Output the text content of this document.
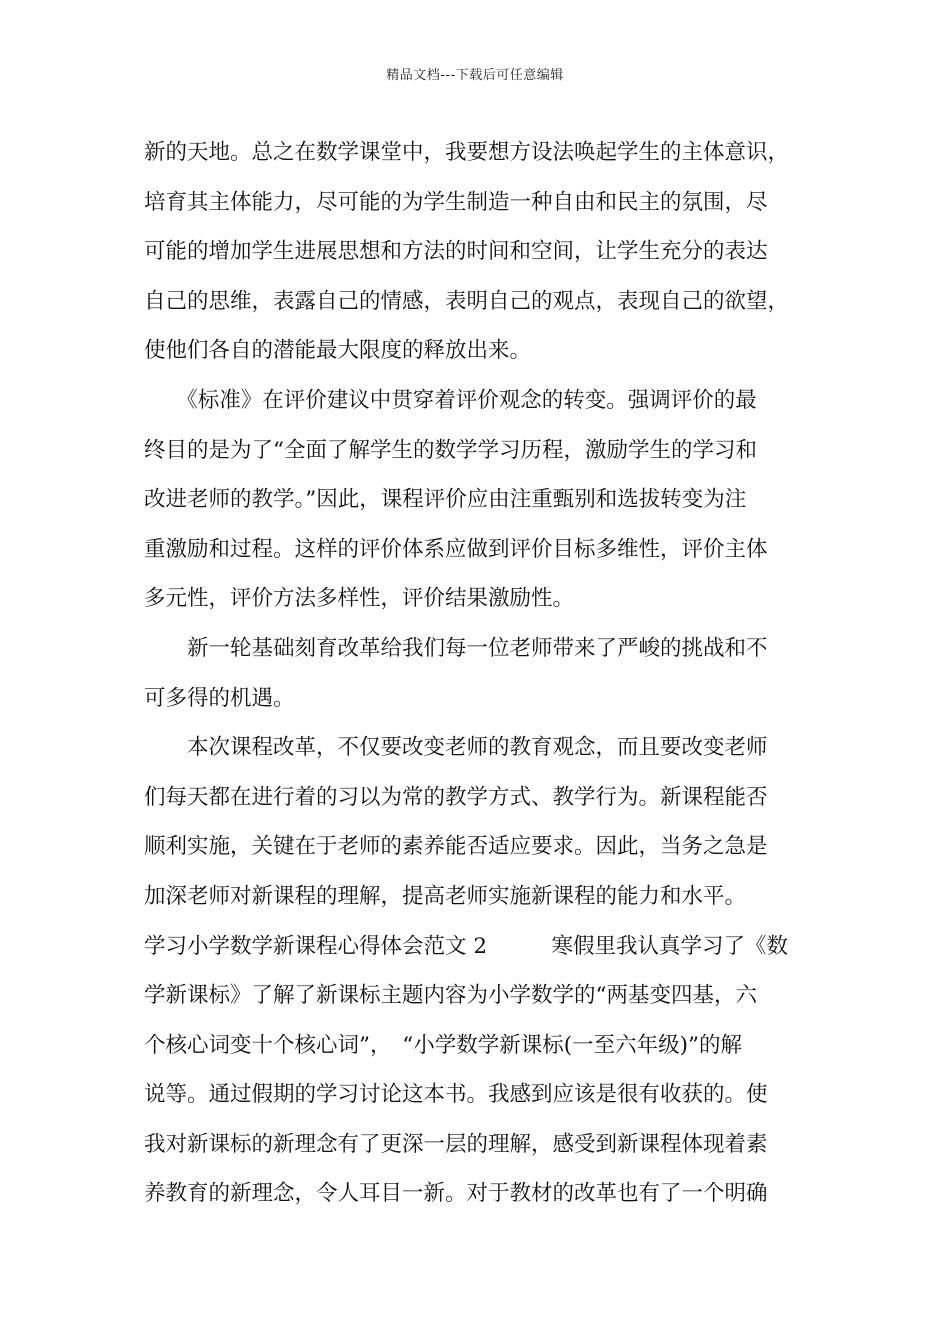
精品文档---下载后可任意编辑
新的天地。总之在数学课堂中，我要想方设法唤起学生的主体意识，
培育其主体能力，尽可能的为学生制造一种自由和民主的氛围，尽
可能的增加学生进展思想和方法的时间和空间，让学生充分的表达
自己的思维，表露自己的情感，表明自己的观点，表现自己的欲望，
使他们各自的潜能最大限度的释放出来。
　　《标准》在评价建议中贯穿着评价观念的转变。强调评价的最
终目的是为了“全面了解学生的数学学习历程，激励学生的学习和
改进老师的教学。”因此，课程评价应由注重甄别和选拔转变为注
重激励和过程。这样的评价体系应做到评价目标多维性，评价主体
多元性，评价方法多样性，评价结果激励性。
　　新一轮基础刻育改革给我们每一位老师带来了严峻的挑战和不
可多得的机遇。
　　本次课程改革，不仅要改变老师的教育观念，而且要改变老师
们每天都在进行着的习以为常的教学方式、教学行为。新课程能否
顺利实施，关键在于老师的素养能否适应要求。因此，当务之急是
加深老师对新课程的理解，提高老师实施新课程的能力和水平。
学习小学数学新课程心得体会范文 2　　　寒假里我认真学习了《数
学新课标》了解了新课标主题内容为小学数学的“两基变四基，六
个核心词变十个核心词”，　“小学数学新课标(一至六年级)”的解
说等。通过假期的学习讨论这本书。我感到应该是很有收获的。使
我对新课标的新理念有了更深一层的理解，感受到新课程体现着素
养教育的新理念，令人耳目一新。对于教材的改革也有了一个明确
